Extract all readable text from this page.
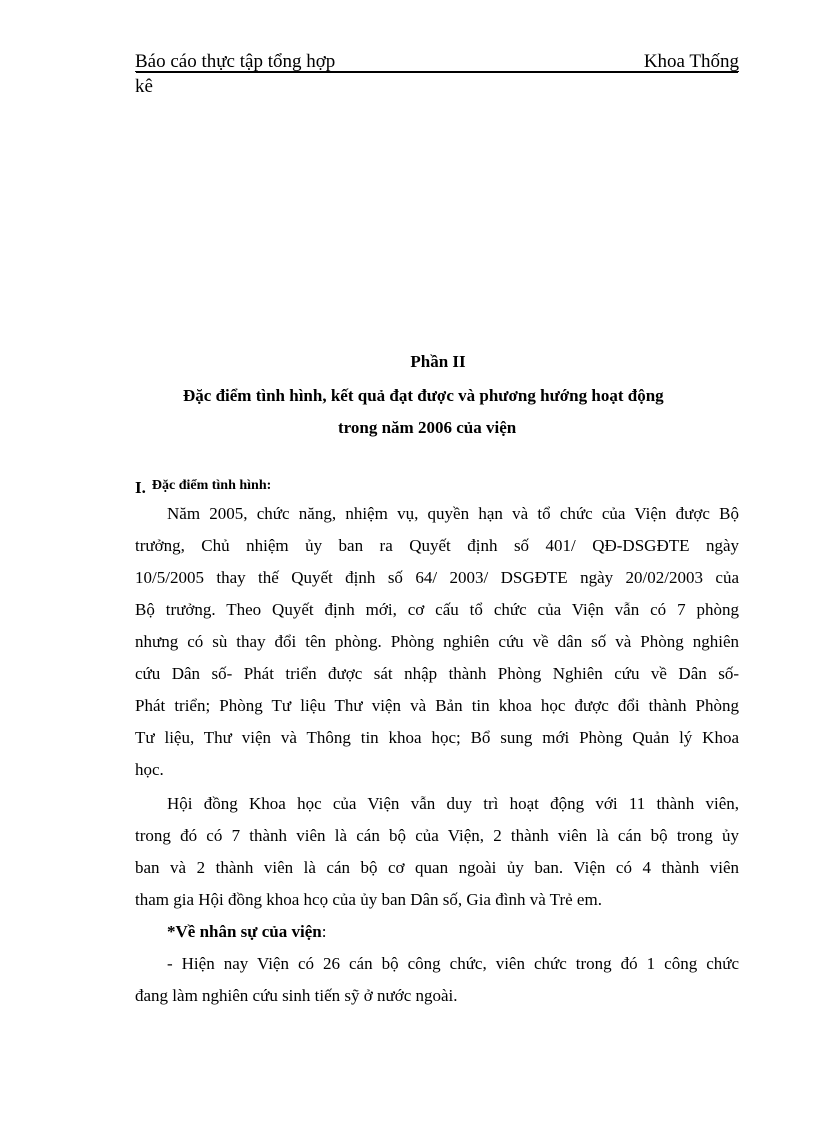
Báo cáo thực tập tổng hợp	Khoa Thống
kê
Phần II
Đặc điểm tình hình, kết quả đạt được và phương hướng hoạt động
trong năm 2006 của viện
I. Đặc điểm tình hình:
Năm 2005, chức năng, nhiệm vụ, quyền hạn và tổ chức của Viện được Bộ
trưởng, Chủ nhiệm ủy ban ra Quyết định số 401/ QĐ-DSGĐTE ngày
10/5/2005 thay thế Quyết định số 64/ 2003/ DSGĐTE ngày 20/02/2003 của
Bộ trưởng. Theo Quyết định mới, cơ cấu tổ chức của Viện vẫn có 7 phòng
nhưng có sù thay đổi tên phòng. Phòng nghiên cứu về dân số và Phòng nghiên
cứu Dân số- Phát triển được sát nhập thành Phòng Nghiên cứu về Dân số-
Phát triển; Phòng Tư liệu Thư viện và Bản tin khoa học được đổi thành Phòng
Tư liệu, Thư viện và Thông tin khoa học; Bổ sung mới Phòng Quản lý Khoa
học.
Hội đồng Khoa học của Viện vẫn duy trì hoạt động với 11 thành viên,
trong đó có 7 thành viên là cán bộ của Viện, 2 thành viên là cán bộ trong ủy
ban và 2 thành viên là cán bộ cơ quan ngoài ủy ban. Viện có 4 thành viên
tham gia Hội đồng khoa hcọ của ủy ban Dân số, Gia đình và Trẻ em.
*Về nhân sự của viện:
- Hiện nay Viện có 26 cán bộ công chức, viên chức trong đó 1 công chức
đang làm nghiên cứu sinh tiến sỹ ở nước ngoài.
